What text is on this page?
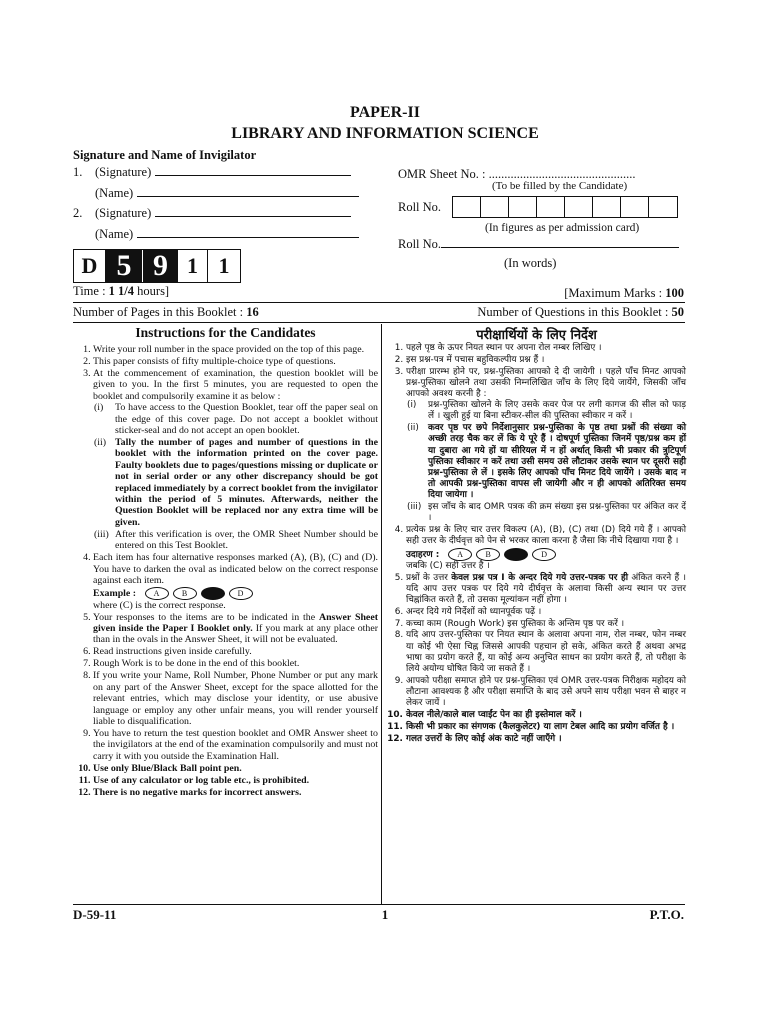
PAPER-II
LIBRARY AND INFORMATION SCIENCE
Signature and Name of Invigilator
1. (Signature)
(Name)
2. (Signature)
(Name)
OMR Sheet No. : ...............................................
(To be filled by the Candidate)
Roll No.
(In figures as per admission card)
Roll No.
(In words)
D 5 9 1 1
Time : 1 1/4 hours]	[Maximum Marks : 100
Number of Pages in this Booklet : 16	Number of Questions in this Booklet : 50
Instructions for the Candidates
1. Write your roll number in the space provided on the top of this page.
2. This paper consists of fifty multiple-choice type of questions.
3. At the commencement of examination, the question booklet will be given to you. In the first 5 minutes, you are requested to open the booklet and compulsorily examine it as below :
(i) To have access to the Question Booklet, tear off the paper seal on the edge of this cover page. Do not accept a booklet without sticker-seal and do not accept an open booklet.
(ii) Tally the number of pages and number of questions in the booklet with the information printed on the cover page. Faulty booklets due to pages/questions missing or duplicate or not in serial order or any other discrepancy should be got replaced immediately by a correct booklet from the invigilator within the period of 5 minutes. Afterwards, neither the Question Booklet will be replaced nor any extra time will be given.
(iii) After this verification is over, the OMR Sheet Number should be entered on this Test Booklet.
4. Each item has four alternative responses marked (A), (B), (C) and (D). You have to darken the oval as indicated below on the correct response against each item.
Example :	A	B	D

where (C) is the correct response.
5. Your responses to the items are to be indicated in the Answer Sheet given inside the Paper I Booklet only. If you mark at any place other than in the ovals in the Answer Sheet, it will not be evaluated.
6. Read instructions given inside carefully.
7. Rough Work is to be done in the end of this booklet.
8. If you write your Name, Roll Number, Phone Number or put any mark on any part of the Answer Sheet, except for the space allotted for the relevant entries, which may disclose your identity, or use abusive language or employ any other unfair means, you will render yourself liable to disqualification.
9. You have to return the test question booklet and OMR Answer sheet to the invigilators at the end of the examination compulsorily and must not carry it with you outside the Examination Hall.
10. Use only Blue/Black Ball point pen.
11. Use of any calculator or log table etc., is prohibited.
12. There is no negative marks for incorrect answers.
परीक्षार्थियों के लिए निर्देश
1. पहले पृष्ठ के ऊपर नियत स्थान पर अपना रोल नम्बर लिखिए ।
2. इस प्रश्न-पत्र में पचास बहुविकल्पीय प्रश्न हैं ।
3. परीक्षा प्रारम्भ होने पर, प्रश्न-पुस्तिका आपको दे दी जायेगी । पहले पाँच मिनट आपको प्रश्न-पुस्तिका खोलने तथा उसकी निम्नलिखित जाँच के लिए दिये जायेंगे, जिसकी जाँच आपको अवश्य करनी है :
(i) प्रश्न-पुस्तिका खोलने के लिए उसके कवर पेज पर लगी कागज की सील को फाड़ लें । खुली हुई या बिना स्टीकर-सील की पुस्तिका स्वीकार न करें ।
(ii) कवर पृष्ठ पर छपे निर्देशानुसार प्रश्न-पुस्तिका के पृष्ठ तथा प्रश्नों की संख्या को अच्छी तरह चैक कर लें कि ये पूरे हैं । दोषपूर्ण पुस्तिका जिनमें पृष्ठ/प्रश्न कम हों या दुबारा आ गये हों या सीरियल में न हों अर्थात् किसी भी प्रकार की त्रुटिपूर्ण पुस्तिका स्वीकार न करें तथा उसी समय उसे लौटाकर उसके स्थान पर दूसरी सही प्रश्न-पुस्तिका ले लें । इसके लिए आपको पाँच मिनट दिये जायेंगे । उसके बाद न तो आपकी प्रश्न-पुस्तिका वापस ली जायेगी और न ही आपको अतिरिक्त समय दिया जायेगा ।
(iii) इस जाँच के बाद OMR पत्रक की क्रम संख्या इस प्रश्न-पुस्तिका पर अंकित कर दें ।
4. प्रत्येक प्रश्न के लिए चार उत्तर विकल्प (A), (B), (C) तथा (D) दिये गये हैं । आपको सही उत्तर के दीर्घवृत्त को पेन से भरकर काला करना है जैसा कि नीचे दिखाया गया है ।
उदाहरण :	A	B	D

जबकि (C) सही उत्तर है ।
5. प्रश्नों के उत्तर केवल प्रश्न पत्र I के अन्दर दिये गये उत्तर-पत्रक पर ही अंकित करने हैं । यदि आप उत्तर पत्रक पर दिये गये दीर्घवृत्त के अलावा किसी अन्य स्थान पर उत्तर चिह्नांकित करते हैं, तो उसका मूल्यांकन नहीं होगा ।
6. अन्दर दिये गये निर्देशों को ध्यानपूर्वक पढ़ें ।
7. कच्चा काम (Rough Work) इस पुस्तिका के अन्तिम पृष्ठ पर करें ।
8. यदि आप उत्तर-पुस्तिका पर नियत स्थान के अलावा अपना नाम, रोल नम्बर, फोन नम्बर या कोई भी ऐसा चिह्न जिससे आपकी पहचान हो सके, अंकित करते हैं अथवा अभद्र भाषा का प्रयोग करते हैं, या कोई अन्य अनुचित साधन का प्रयोग करते हैं, तो परीक्षा के लिये अयोग्य घोषित किये जा सकते हैं ।
9. आपको परीक्षा समाप्त होने पर प्रश्न-पुस्तिका एवं OMR उत्तर-पत्रक निरीक्षक महोदय को लौटाना आवश्यक है और परीक्षा समाप्ति के बाद उसे अपने साथ परीक्षा भवन से बाहर न लेकर जायें ।
10. केवल नीले/काले बाल प्वाईंट पेन का ही इस्तेमाल करें ।
11. किसी भी प्रकार का संगणक (कैलकुलेटर) या लाग टेबल आदि का प्रयोग वर्जित है ।
12. गलत उत्तरों के लिए कोई अंक काटे नहीं जाएँगे ।
1
D-59-11	P.T.O.
